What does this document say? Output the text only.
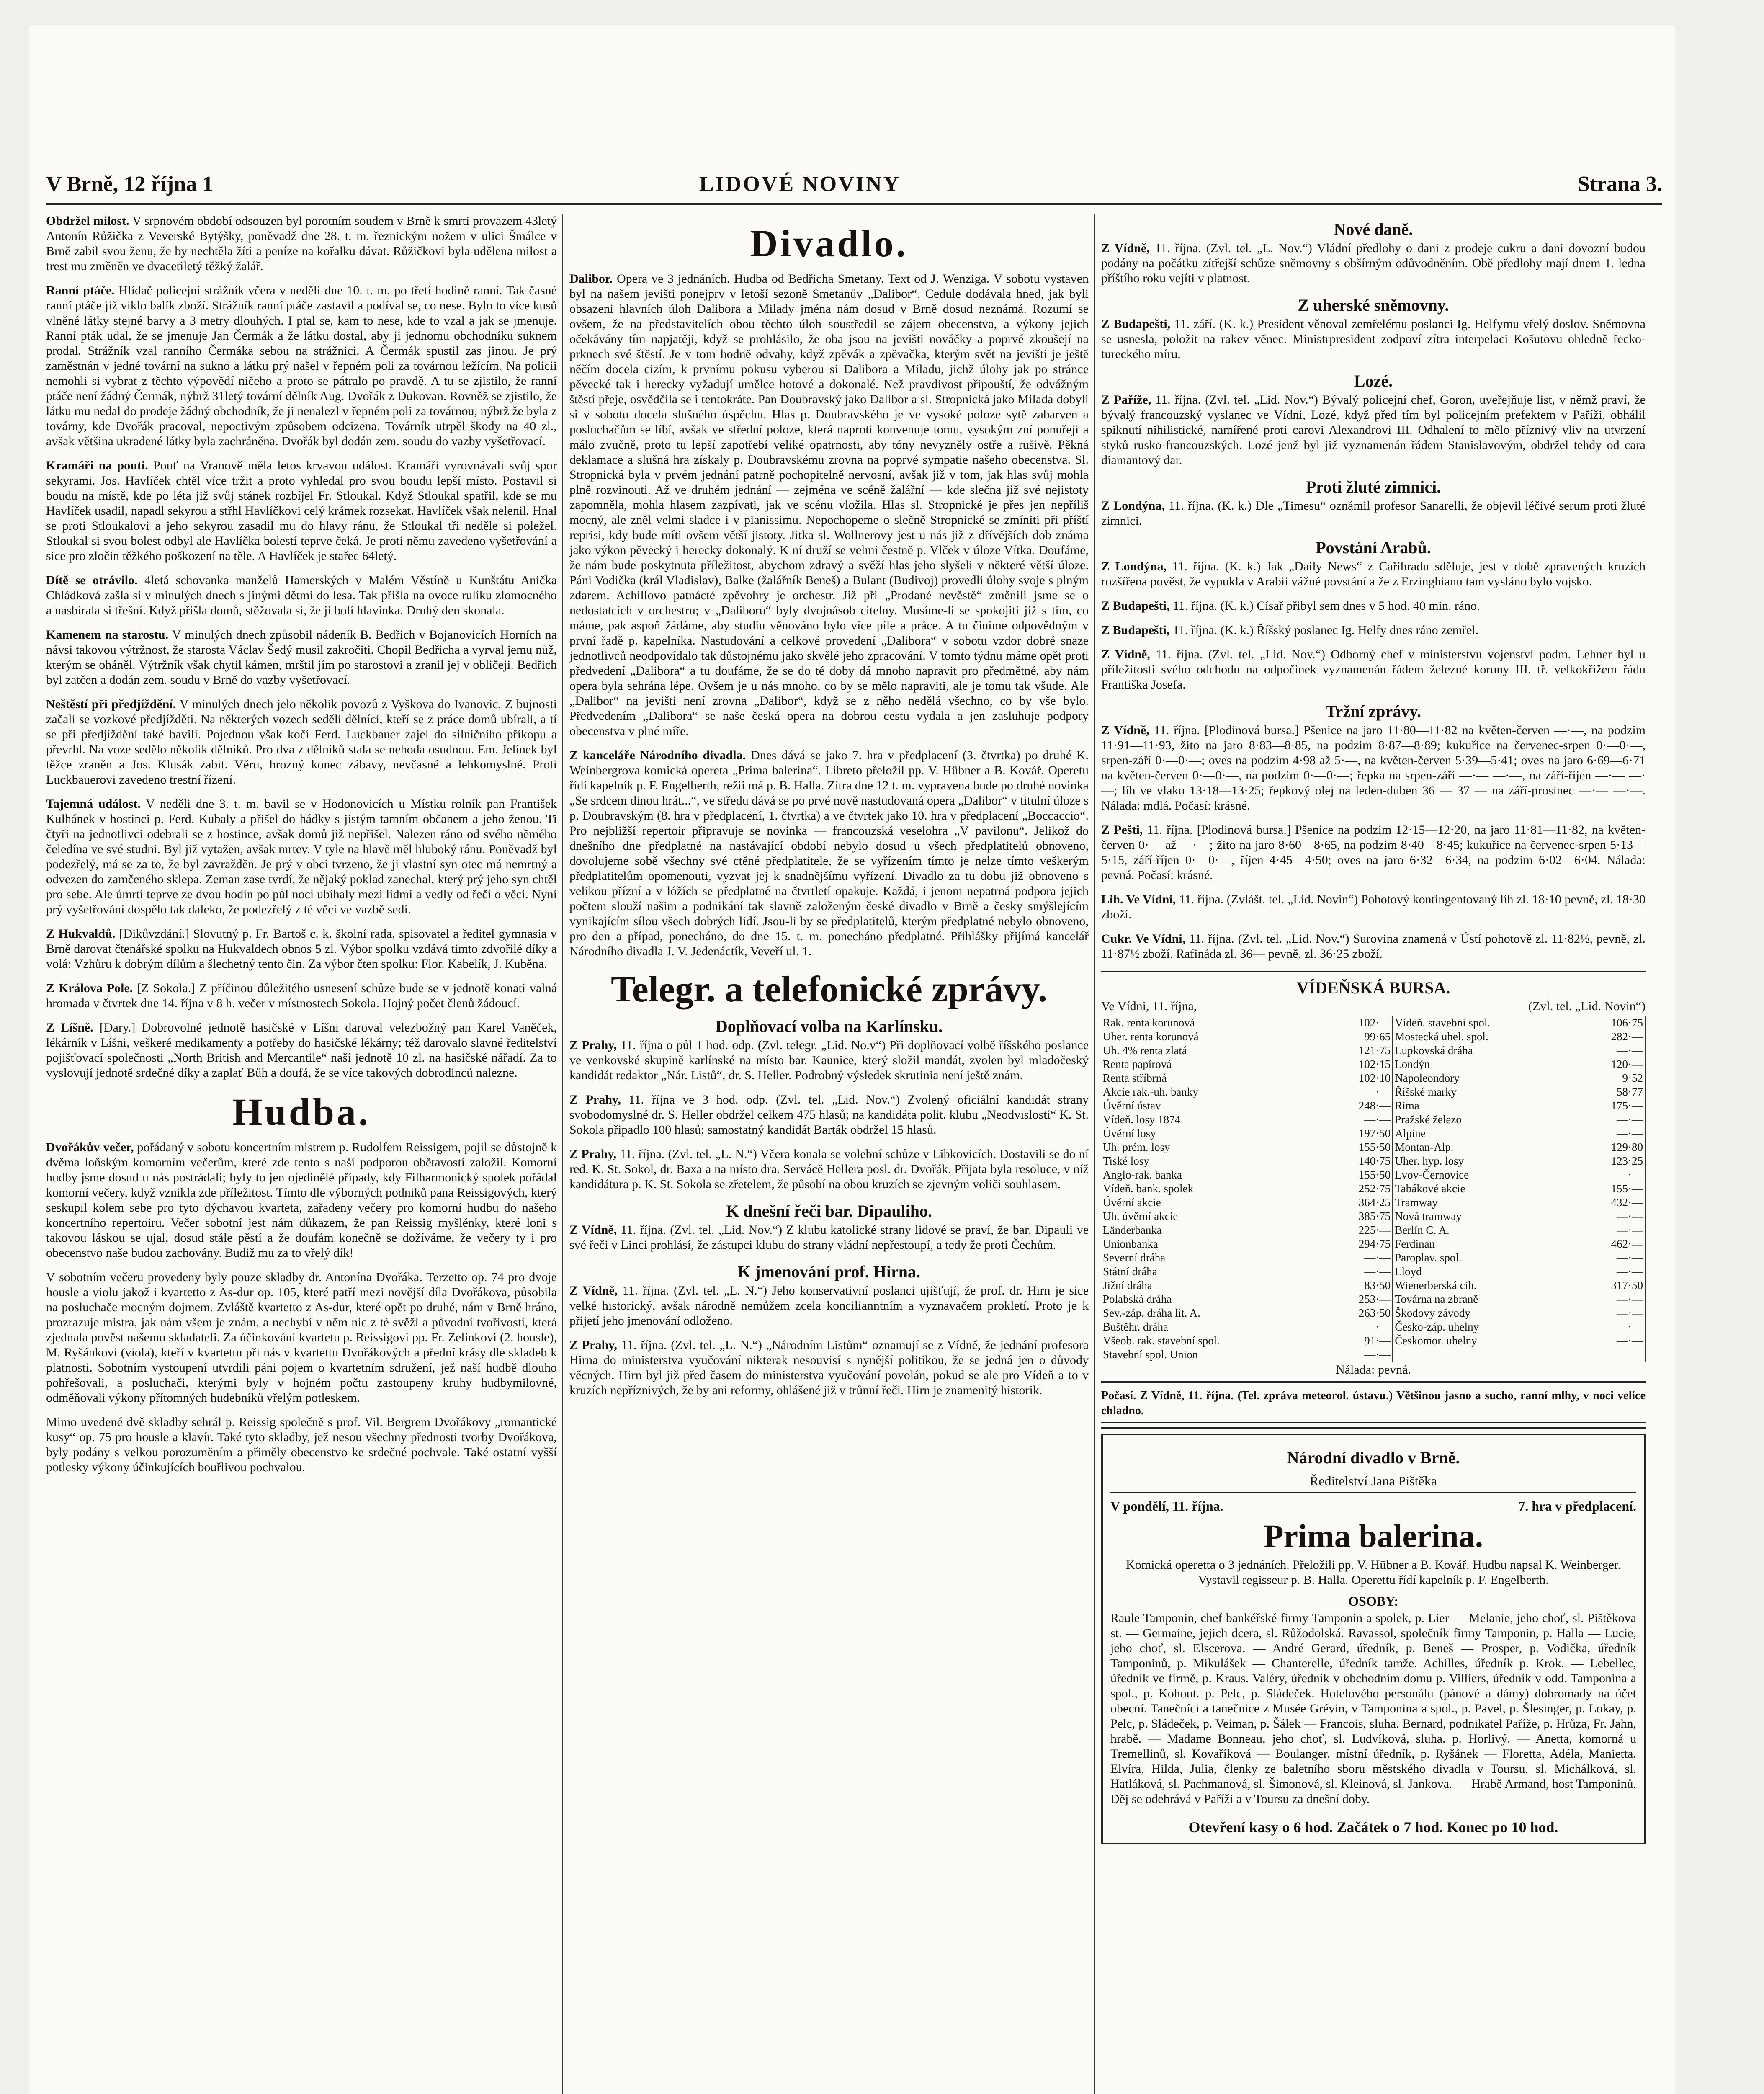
V Brně, 12 října 1	LIDOVÉ NOVINY	Strana 3.

Obdržel milost. V srpnovém období odsouzen byl porotním soudem v Brně k smrti provazem 43letý Antonín Růžička z Veverské Bytýšky, poněvadž dne 28. t. m. řeznickým nožem v ulici Šmálce v Brně zabil svou ženu, že by nechtěla žíti a peníze na kořalku dávat. Růžičkovi byla udělena milost a trest mu změněn ve dvacetiletý těžký žalář.

Ranní ptáče. Hlídač policejní strážník včera v neděli dne 10. t. m. po třetí hodině ranní. Tak časné ranní ptáče již viklo balík zboží. Strážník ranní ptáče zastavil a podíval se, co nese. Bylo to více kusů vlněné látky stejné barvy a 3 metry dlouhých. I ptal se, kam to nese, kde to vzal a jak se jmenuje. Ranní pták udal, že se jmenuje Jan Čermák a že látku dostal, aby ji jednomu obchodníku suknem prodal. Strážník vzal ranního Čermáka sebou na strážnici. A Čermák spustil zas jinou. Je prý zaměstnán v jedné tovární na sukno a látku prý našel v řepném poli za továrnou ležícím. Na policii nemohli si vybrat z těchto výpovědí ničeho a proto se pátralo po pravdě. A tu se zjistilo, že ranní ptáče není žádný Čermák, nýbrž 31letý tovární dělník Aug. Dvořák z Dukovan. Rovněž se zjistilo, že látku mu nedal do prodeje žádný obchodník, že ji nenalezl v řepném poli za továrnou, nýbrž že byla z továrny, kde Dvořák pracoval, nepoctivým způsobem odcizena. Továrník utrpěl škody na 40 zl., avšak většina ukradené látky byla zachráněna. Dvořák byl dodán zem. soudu do vazby vyšetřovací.

Kramáři na pouti. Pouť na Vranově měla letos krvavou událost. Kramáři vyrovnávali svůj spor sekyrami. Jos. Havlíček chtěl více tržit a proto vyhledal pro svou boudu lepší místo. Postavil si boudu na místě, kde po léta již svůj stánek rozbíjel Fr. Stloukal. Když Stloukal spatřil, kde se mu Havlíček usadil, napadl sekyrou a střhl Havlíčkovi celý krámek rozsekat. Havlíček však nelenil. Hnal se proti Stloukalovi a jeho sekyrou zasadil mu do hlavy ránu, že Stloukal tři neděle si poležel. Stloukal si svou bolest odbyl ale Havlíčka bolestí teprve čeká. Je proti němu zavedeno vyšetřování a sice pro zločin těžkého poškození na těle. A Havlíček je stařec 64letý.

Dítě se otrávilo. 4letá schovanka manželů Hamerských v Malém Věstíně u Kunštátu Anička Chládková zašla si v minulých dnech s jinými dětmi do lesa. Tak přišla na ovoce rulíku zlomocného a nasbírala si třešní. Když přišla domů, stěžovala si, že ji bolí hlavinka. Druhý den skonala.

Kamenem na starostu. V minulých dnech způsobil nádeník B. Bedřich v Bojanovicích Horních na návsi takovou výtržnost, že starosta Václav Šedý musil zakročiti. Chopil Bedřicha a vyrval jemu nůž, kterým se oháněl. Výtržník však chytil kámen, mrštil jím po starostovi a zranil jej v obličeji. Bedřich byl zatčen a dodán zem. soudu v Brně do vazby vyšetřovací.

Neštěstí při předjíždění. V minulých dnech jelo několik povozů z Vyškova do Ivanovic. Z bujnosti začali se vozkové předjížděti. Na některých vozech seděli dělníci, kteří se z práce domů ubírali, a tí se při předjíždění také bavili. Pojednou však kočí Ferd. Luckbauer zajel do silničního příkopu a převrhl. Na voze sedělo několik dělníků. Pro dva z dělníků stala se nehoda osudnou. Em. Jelínek byl těžce zraněn a Jos. Klusák zabit. Věru, hrozný konec zábavy, nevčasné a lehkomyslné. Proti Luckbauerovi zavedeno trestní řízení.

Tajemná událost. V neděli dne 3. t. m. bavil se v Hodonovicích u Místku rolník pan František Kulhánek v hostinci p. Ferd. Kubaly a přišel do hádky s jistým tamním občanem a jeho ženou. Ti čtyři na jednotlivci odebrali se z hostince, avšak domů již nepřišel. Nalezen ráno od svého němého čeledína ve své studni. Byl již vytažen, avšak mrtev. V tyle na hlavě měl hluboký ránu. Poněvadž byl podezřelý, má se za to, že byl zavražděn. Je prý v obci tvrzeno, že ji vlastní syn otec má nemrtný a odvezen do zamčeného sklepa. Zeman zase tvrdí, že nějaký poklad zanechal, který prý jeho syn chtěl pro sebe. Ale úmrtí teprve ze dvou hodin po půl noci ubíhaly mezi lidmi a vedly od řeči o věci. Nyní prý vyšetřování dospělo tak daleko, že podezřelý z té věci ve vazbě sedí.

Z Hukvaldů. [Dikůvzdání.] Slovutný p. Fr. Bartoš c. k. školní rada, spisovatel a ředitel gymnasia v Brně darovat čtenářské spolku na Hukvaldech obnos 5 zl. Výbor spolku vzdává timto zdvořilé díky a volá: Vzhůru k dobrým dílům a šlechetný tento čin. Za výbor čten spolku: Flor. Kabelík, J. Kuběna.

Z Králova Pole. [Z Sokola.] Z příčinou důležitého usnesení schůze bude se v jednotě konati valná hromada v čtvrtek dne 14. října v 8 h. večer v místnostech Sokola. Hojný počet členů žádoucí.

Z Líšně. [Dary.] Dobrovolné jednotě hasičské v Líšni daroval velezbožný pan Karel Vaněček, lékárník v Líšni, veškeré medikamenty a potřeby do hasičské lékárny; též darovalo slavné ředitelství pojišťovací společnosti „North British and Mercantile“ naší jednotě 10 zl. na hasičské nářadí. Za to vyslovují jednotě srdečné díky a zaplať Bůh a doufá, že se více takových dobrodinců nalezne.

Hudba.

Dvořákův večer, pořádaný v sobotu koncertním mistrem p. Rudolfem Reissigem, pojil se důstojně k dvěma loňským komorním večerům, které zde tento s naší podporou obětavostí založil. Komorní hudby jsme dosud u nás postrádali; byly to jen ojedinělé případy, kdy Filharmonický spolek pořádal komorní večery, když vznikla zde příležitost. Tímto dle výborných podniků pana Reissigových, který seskupil kolem sebe pro tyto dýchavou kvarteta, zařadeny večery pro komorní hudbu do našeho koncertního repertoiru. Večer sobotní jest nám důkazem, že pan Reissig myšlénky, které loni s takovou láskou se ujal, dosud stále pěstí a že doufám konečně se dožíváme, že večery ty i pro obecenstvo naše budou zachovány. Budiž mu za to vřelý dík!

V sobotním večeru provedeny byly pouze skladby dr. Antonína Dvořáka. Terzetto op. 74 pro dvoje housle a violu jakož i kvartetto z As-dur op. 105, které patří mezi novější díla Dvořákova, působila na posluchače mocným dojmem. Zvláště kvartetto z As-dur, které opět po druhé, nám v Brně hráno, prozrazuje mistra, jak nám všem je znám, a nechybí v něm nic z té svěží a původní tvořivosti, která zjednala pověst našemu skladateli. Za účinkování kvartetu p. Reissigovi pp. Fr. Zelinkovi (2. housle), M. Ryšánkovi (viola), kteří v kvartettu při nás v kvartettu Dvořákových a přední krásy dle skladeb k platnosti. Sobotním vystoupení utvrdili páni pojem o kvartetním sdružení, jež naší hudbě dlouho pohřešovali, a posluchači, kterými byly v hojném počtu zastoupeny kruhy hudbymilovné, odměňovali výkony přítomných hudebníků vřelým potleskem.

Mimo uvedené dvě skladby sehrál p. Reissig společně s prof. Vil. Bergrem Dvořákovy „romantické kusy“ op. 75 pro housle a klavír. Také tyto skladby, jež nesou všechny přednosti tvorby Dvořákova, byly podány s velkou porozuměním a přiměly obecenstvo ke srdečné pochvale. Také ostatní vyšší potlesky výkony účinkujících bouřlivou pochvalou.

Divadlo.

Dalibor. Opera ve 3 jednáních. Hudba od Bedřicha Smetany. Text od J. Wenziga. V sobotu vystaven byl na našem jevišti ponejprv v letoší sezoně Smetanův „Dalibor“. Cedule dodávala hned, jak byli obsazeni hlavních úloh Dalibora a Milady jména nám dosud v Brně dosud neznámá. Rozumí se ovšem, že na představitelích obou těchto úloh soustředil se zájem obecenstva, a výkony jejich očekávány tím napjatěji, když se prohlásilo, že oba jsou na jevišti nováčky a poprvé zkoušejí na prknech své štěstí. Je v tom hodně odvahy, když zpěvák a zpěvačka, kterým svět na jevišti je ještě něčím docela cizím, k prvnímu pokusu vyberou si Dalibora a Miladu, jichž úlohy jak po stránce pěvecké tak i herecky vyžadují umělce hotové a dokonalé. Než pravdivost připouští, že odvážným štěstí přeje, osvědčila se i tentokráte. Pan Doubravský jako Dalibor a sl. Stropnická jako Milada dobyli si v sobotu docela slušného úspěchu. Hlas p. Doubravského je ve vysoké poloze sytě zabarven a posluchačům se líbí, avšak ve střední poloze, která naproti konvenuje tomu, vysokým zní ponuřeji a málo zvučně, proto tu lepší zapotřebí veliké opatrnosti, aby tóny nevyzněly ostře a rušivě. Pěkná deklamace a slušná hra získaly p. Doubravskému zrovna na poprvé sympatie našeho obecenstva. Sl. Stropnická byla v prvém jednání patrně pochopitelně nervosní, avšak již v tom, jak hlas svůj mohla plně rozvinouti. Až ve druhém jednání — zejména ve scéně žalářní — kde slečna již své nejistoty zapomněla, mohla hlasem zazpívati, jak ve scénu vložila. Hlas sl. Stropnické je přes jen nepříliš mocný, ale zněl velmi sladce i v pianissimu. Nepochopeme o slečně Stropnické se zmíniti při příští reprisi, kdy bude míti ovšem větší jistoty. Jitka sl. Wollnerovy jest u nás již z dřívějších dob známa jako výkon pěvecký i herecky dokonalý. K ní druží se velmi čestně p. Vlček v úloze Vítka. Doufáme, že nám bude poskytnuta příležitost, abychom zdravý a svěží hlas jeho slyšeli v některé větší úloze. Páni Vodička (král Vladislav), Balke (žalářník Beneš) a Bulant (Budivoj) provedli úlohy svoje s plným zdarem. Achillovo patnácté zpěvohry je orchestr. Již při „Prodané nevěstě“ změnili jsme se o nedostatcích v orchestru; v „Daliboru“ byly dvojnásob citelny. Musíme-li se spokojiti již s tím, co máme, pak aspoň žádáme, aby studiu věnováno bylo více píle a práce. A tu činíme odpovědným v první řadě p. kapelníka. Nastudování a celkové provedení „Dalibora“ v sobotu vzdor dobré snaze jednotlivců neodpovídalo tak důstojnému jako skvělé jeho zpracování. V tomto týdnu máme opět proti předvedení „Dalibora“ a tu doufáme, že se do té doby dá mnoho napravit pro předmětné, aby nám opera byla sehrána lépe. Ovšem je u nás mnoho, co by se mělo napraviti, ale je tomu tak všude. Ale „Dalibor“ na jevišti není zrovna „Dalibor“, když se z něho nedělá všechno, co by vše bylo. Předvedením „Dalibora“ se naše česká opera na dobrou cestu vydala a jen zasluhuje podpory obecenstva v plné míře.

Z kanceláře Národního divadla. Dnes dává se jako 7. hra v předplacení (3. čtvrtka) po druhé K. Weinbergrova komická opereta „Prima balerina“. Libreto přeložil pp. V. Hübner a B. Kovář. Operetu řídí kapelník p. F. Engelberth, režii má p. B. Halla. Zítra dne 12 t. m. vypravena bude po druhé novinka „Se srdcem dinou hrát...“, ve středu dává se po prvé nově nastudovaná opera „Dalibor“ v titulní úloze s p. Doubravským (8. hra v předplacení, 1. čtvrtka) a ve čtvrtek jako 10. hra v předplacení „Boccaccio“. Pro nejbližší repertoir připravuje se novinka — francouzská veselohra „V pavilonu“. Jelikož do dnešního dne předplatné na nastávající období nebylo dosud u všech předplatitelů obnoveno, dovolujeme sobě všechny své ctěné předplatitele, že se vyřízením tímto je nelze tímto veškerým předplatitelům opomenouti, vyzvat jej k snadnějšímu vyřízení. Divadlo za tu dobu již obnoveno s velikou přízní a v lóžích se předplatné na čtvrtletí opakuje. Každá, i jenom nepatrná podpora jejich počtem slouží našim a podnikání tak slavně založeným české divadlo v Brně a česky smýšlejícím vynikajícím sílou všech dobrých lidí. Jsou-li by se předplatitelů, kterým předplatné nebylo obnoveno, pro den a případ, ponecháno, do dne 15. t. m. ponecháno předplatné. Přihlášky přijímá kancelář Národního divadla J. V. Jedenáctík, Veveří ul. 1.

Telegr. a telefonické zprávy.
Doplňovací volba na Karlínsku.

Z Prahy, 11. října o půl 1 hod. odp. (Zvl. telegr. „Lid. No.v“) Při doplňovací volbě říšského poslance ve venkovské skupině karlínské na místo bar. Kaunice, který složil mandát, zvolen byl mladočeský kandidát redaktor „Nár. Listů“, dr. S. Heller. Podrobný výsledek skrutinia není ještě znám.

Z Prahy, 11. října ve 3 hod. odp. (Zvl. tel. „Lid. Nov.“) Zvolený oficiální kandidát strany svobodomyslné dr. S. Heller obdržel celkem 475 hlasů; na kandidáta polit. klubu „Neodvislosti“ K. St. Sokola připadlo 100 hlasů; samostatný kandidát Barták obdržel 15 hlasů.

Z Prahy, 11. října. (Zvl. tel. „L. N.“) Včera konala se volební schůze v Libkovicích. Dostavili se do ní red. K. St. Sokol, dr. Baxa a na místo dra. Servácě Hellera posl. dr. Dvořák. Přijata byla resoluce, v níž kandidátura p. K. St. Sokola se zřetelem, že působí na obou kruzích se zjevným voliči souhlasem.

K dnešní řeči bar. Dipauliho.

Z Vídně, 11. října. (Zvl. tel. „Lid. Nov.“) Z klubu katolické strany lidové se praví, že bar. Dipauli ve své řeči v Linci prohlásí, že zástupci klubu do strany vládní nepřestoupí, a tedy že proti Čechům.

K jmenování prof. Hirna.

Z Vídně, 11. října. (Zvl. tel. „L. N.“) Jeho konservativní poslanci ujišťují, že prof. dr. Hirn je sice velké historický, avšak národně nemůžem zcela koncilianntním a vyznavačem prokletí. Proto je k přijetí jeho jmenování odloženo.

Z Prahy, 11. října. (Zvl. tel. „L. N.“) „Národním Listům“ oznamují se z Vídně, že jednání profesora Hirna do ministerstva vyučování nikterak nesouvisí s nynější politikou, že se jedná jen o důvody věcných. Hirn byl již před časem do ministerstva vyučování povolán, pokud se ale pro Vídeň a to v kruzích nepříznivých, že by ani reformy, ohlášené již v trůnní řeči. Hirn je znamenitý historik.

Nové daně.

Z Vídně, 11. října. (Zvl. tel. „L. Nov.“) Vládní předlohy o dani z prodeje cukru a dani dovozní budou podány na počátku zítřejší schůze sněmovny s obšírným odůvodněním. Obě předlohy mají dnem 1. ledna příštího roku vejíti v platnost.

Z uherské sněmovny.

Z Budapešti, 11. září. (K. k.) President věnoval zemřelému poslanci Ig. Helfymu vřelý doslov. Sněmovna se usnesla, položit na rakev věnec. Ministrpresident zodpoví zítra interpelaci Košutovu ohledně řecko-tureckého míru.

Lozé.

Z Paříže, 11. října. (Zvl. tel. „Lid. Nov.“) Bývalý policejní chef, Goron, uveřejňuje list, v němž praví, že bývalý francouzský vyslanec ve Vídni, Lozé, když před tím byl policejním prefektem v Paříži, obhálil spiknutí nihilistické, namířené proti carovi Alexandrovi III. Odhalení to mělo příznivý vliv na utvrzení styků rusko-francouzských. Lozé jenž byl již vyznamenán řádem Stanislavovým, obdržel tehdy od cara diamantový dar.

Proti žluté zimnici.

Z Londýna, 11. října. (K. k.) Dle „Timesu“ oznámil profesor Sanarelli, že objevil léčivé serum proti žluté zimnici.

Povstání Arabů.

Z Londýna, 11. října. (K. k.) Jak „Daily News“ z Cařihradu sděluje, jest v době zpravených kruzích rozšířena pověst, že vypukla v Arabii vážné povstání a že z Erzinghianu tam vysláno bylo vojsko.

Z Budapešti, 11. října. (K. k.) Císař přibyl sem dnes v 5 hod. 40 min. ráno.

Z Budapešti, 11. října. (K. k.) Říšský poslanec Ig. Helfy dnes ráno zemřel.

Z Vídně, 11. října. (Zvl. tel. „Lid. Nov.“) Odborný chef v ministerstvu vojenství podm. Lehner byl u příležitosti svého odchodu na odpočinek vyznamenán řádem železné koruny III. tř. velkokřížem řádu Františka Josefa.

Tržní zprávy.

Z Vídně, 11. října. [Plodinová bursa.] Pšenice na jaro 11·80—11·82 na květen-červen —·—, na podzim 11·91—11·93, žito na jaro 8·83—8·85, na podzim 8·87—8·89; kukuřice na červenec-srpen 0·—0·—, srpen-září 0·—0·—; oves na podzim 4·98 až 5·—, na květen-červen 5·39—5·41; oves na jaro 6·69—6·71 na květen-červen 0·—0·—, na podzim 0·—0·—; řepka na srpen-září —·— —·—, na září-říjen —·— —·—; líh ve vlaku 13·18—13·25; řepkový olej na leden-duben 36 — 37 — na září-prosinec —·— —·—. Nálada: mdlá. Počasí: krásné.

Z Pešti, 11. října. [Plodinová bursa.] Pšenice na podzim 12·15—12·20, na jaro 11·81—11·82, na květen-červen 0·— až —·—; žito na jaro 8·60—8·65, na podzim 8·40—8·45; kukuřice na červenec-srpen 5·13—5·15, září-říjen 0·—0·—, říjen 4·45—4·50; oves na jaro 6·32—6·34, na podzim 6·02—6·04. Nálada: pevná. Počasí: krásné.

Lih. Ve Vídni, 11. října. (Zvlášt. tel. „Lid. Novin“) Pohotový kontingentovaný líh zl. 18·10 pevně, zl. 18·30 zboží.

Cukr. Ve Vídni, 11. října. (Zvl. tel. „Lid. Nov.“) Surovina znamená v Ústí pohotově zl. 11·82½, pevně, zl. 11·87½ zboží. Rafináda zl. 36— pevně, zl. 36·25 zboží.

VÍDEŇSKÁ BURSA.
Ve Vídni, 11. října,	(Zvl. tel. „Lid. Novin“)
Rak. renta korunová	102·—	Vídeň. stavební spol.	106·75
Uher. renta korunová	99·65	Mostecká uhel. spol.	282·—
Uh. 4% renta zlatá	121·75	Lupkovská dráha	—·—
Renta papírová	102·15	Londýn	120·—
Renta stříbrná	102·10	Napoleondory	9·52
Akcie rak.-uh. banky	—·—	Říšské marky	58·77
Úvěrní ústav	248·—	Rima	175·—
Vídeň. losy 1874	—·—	Pražské železo	—·—
Úvěrní losy	197·50	Alpine	—·—
Uh. prém. losy	155·50	Montan-Alp.	129·80
Tiské losy	140·75	Uher. hyp. losy	123·25
Anglo-rak. banka	155·50	Lvov-Černovice	—·—
Vídeň. bank. spolek	252·75	Tabákové akcie	155·—
Úvěrní akcie	364·25	Tramway	432·—
Uh. úvěrní akcie	385·75	Nová tramway	—·—
Länderbanka	225·—	Berlín C. A.	—·—
Unionbanka	294·75	Ferdinan	462·—
Severní dráha	—·—	Paroplav. spol.	—·—
Státní dráha	—·—	Lloyd	—·—
Jižní dráha	83·50	Wienerberská cih.	317·50
Polabská dráha	253·—	Továrna na zbraně	—·—
Sev.-záp. dráha lit. A.	263·50	Škodovy závody	—·—
Buštěhr. dráha	—·—	Česko-záp. uhelny	—·—
Všeob. rak. stavební spol.	91·—	Českomor. uhelny	—·—
Stavební spol. Union	—·—		
Nálada: pevná.

Počasí. Z Vídně, 11. října. (Tel. zpráva meteorol. ústavu.) Většinou jasno a sucho, ranní mlhy, v noci velice chladno.

Národní divadlo v Brně.
Ředitelství Jana Pištěka
V pondělí, 11. října.	7. hra v předplacení.
Prima balerina.

Komická operetta o 3 jednáních. Přeložili pp. V. Hübner a B. Kovář. Hudbu napsal K. Weinberger. Vystavil regisseur p. B. Halla. Operettu řídí kapelník p. F. Engelberth.

OSOBY:

Raule Tamponin, chef bankéřské firmy Tamponin a spolek, p. Lier — Melanie, jeho choť, sl. Pištěkova st. — Germaine, jejich dcera, sl. Růžodolská. Ravassol, společník firmy Tamponin, p. Halla — Lucie, jeho choť, sl. Elscerova. — André Gerard, úředník, p. Beneš — Prosper, p. Vodička, úředník Tamponinů, p. Mikulášek — Chanterelle, úředník tamže. Achilles, úředník p. Krok. — Lebellec, úředník ve firmě, p. Kraus. Valéry, úředník v obchodním domu p. Villiers, úředník v odd. Tamponina a spol., p. Kohout. p. Pelc, p. Sládeček. Hotelového personálu (pánové a dámy) dohromady na účet obecní. Tanečníci a tanečnice z Musée Grévin, v Tamponina a spol., p. Pavel, p. Šlesinger, p. Lokay, p. Pelc, p. Sládeček, p. Veiman, p. Šálek — Francois, sluha. Bernard, podnikatel Paříže, p. Hrůza, Fr. Jahn, hrabě. — Madame Bonneau, jeho choť, sl. Ludvíková, sluha. p. Horlivý. — Anetta, komorná u Tremellinů, sl. Kovaříková — Boulanger, místní úředník, p. Ryšánek — Floretta, Adéla, Manietta, Elvíra, Hilda, Julia, členky ze baletního sboru městského divadla v Toursu, sl. Michálková, sl. Hatláková, sl. Pachmanová, sl. Šimonová, sl. Kleinová, sl. Jankova. — Hrabě Armand, host Tamponinů. Děj se odehrává v Paříži a v Toursu za dnešní doby.

Otevření kasy o 6 hod. Začátek o 7 hod. Konec po 10 hod.
